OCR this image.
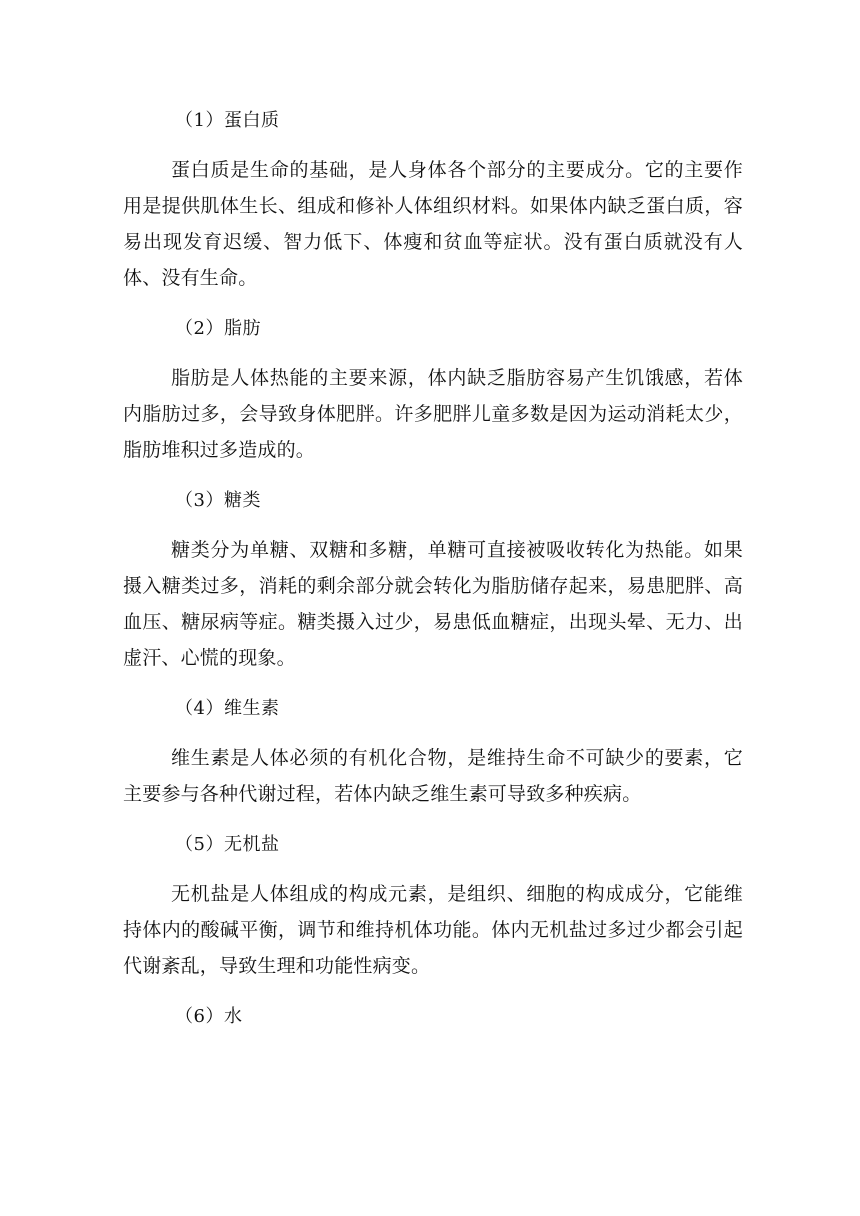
（1）蛋白质

蛋白质是生命的基础，是人身体各个部分的主要成分。它的主要作用是提供肌体生长、组成和修补人体组织材料。如果体内缺乏蛋白质，容易出现发育迟缓、智力低下、体瘦和贫血等症状。没有蛋白质就没有人体、没有生命。

（2）脂肪

脂肪是人体热能的主要来源，体内缺乏脂肪容易产生饥饿感，若体内脂肪过多，会导致身体肥胖。许多肥胖儿童多数是因为运动消耗太少，脂肪堆积过多造成的。

（3）糖类

糖类分为单糖、双糖和多糖，单糖可直接被吸收转化为热能。如果摄入糖类过多，消耗的剩余部分就会转化为脂肪储存起来，易患肥胖、高血压、糖尿病等症。糖类摄入过少，易患低血糖症，出现头晕、无力、出虚汗、心慌的现象。

（4）维生素

维生素是人体必须的有机化合物，是维持生命不可缺少的要素，它主要参与各种代谢过程，若体内缺乏维生素可导致多种疾病。

（5）无机盐

无机盐是人体组成的构成元素，是组织、细胞的构成成分，它能维持体内的酸碱平衡，调节和维持机体功能。体内无机盐过多过少都会引起代谢紊乱，导致生理和功能性病变。

（6）水
